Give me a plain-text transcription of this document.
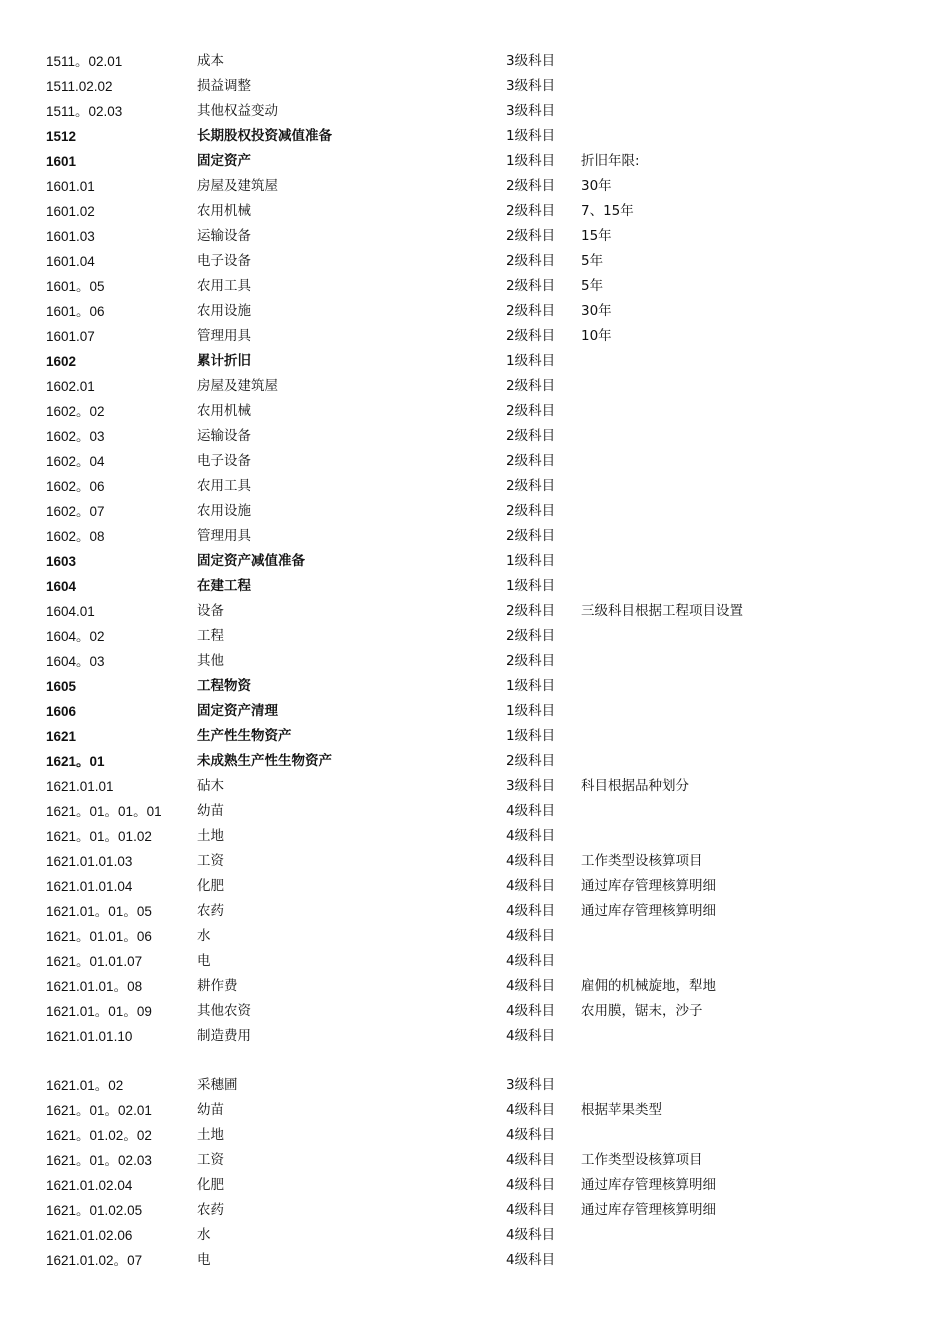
1511。02.01	成本	3级科目
1511.02.02	损益调整	3级科目
1511。02.03	其他权益变动	3级科目
1512	长期股权投资减值准备	1级科目
1601	固定资产	1级科目 折旧年限:
1601.01	房屋及建筑屋	2级科目 30年
1601.02	农用机械	2级科目 7、15年
1601.03	运输设备	2级科目 15年
1601.04	电子设备	2级科目 5年
1601。05	农用工具	2级科目 5年
1601。06	农用设施	2级科目 30年
1601.07	管理用具	2级科目 10年
1602	累计折旧	1级科目
1602.01	房屋及建筑屋	2级科目
1602。02	农用机械	2级科目
1602。03	运输设备	2级科目
1602。04	电子设备	2级科目
1602。06	农用工具	2级科目
1602。07	农用设施	2级科目
1602。08	管理用具	2级科目
1603	固定资产减值准备	1级科目
1604	在建工程	1级科目
1604.01	设备	2级科目 三级科目根据工程项目设置
1604。02	工程	2级科目
1604。03	其他	2级科目
1605	工程物资	1级科目
1606	固定资产清理	1级科目
1621	生产性生物资产	1级科目
1621。01	未成熟生产性生物资产	2级科目
1621.01.01	砧木	3级科目 科目根据品种划分
1621。01。01。01	幼苗	4级科目
1621。01。01.02	土地	4级科目
1621.01.01.03	工资	4级科目 工作类型设核算项目
1621.01.01.04	化肥	4级科目 通过库存管理核算明细
1621.01。01。05	农药	4级科目 通过库存管理核算明细
1621。01.01。06	水	4级科目
1621。01.01.07	电	4级科目
1621.01.01。08	耕作费	4级科目 雇佣的机械旋地，犁地
1621.01。01。09	其他农资	4级科目 农用膜，锯末，沙子
1621.01.01.10	制造费用	4级科目
1621.01。02	采穗圃	3级科目
1621。01。02.01	幼苗	4级科目 根据苹果类型
1621。01.02。02	土地	4级科目
1621。01。02.03	工资	4级科目 工作类型设核算项目
1621.01.02.04	化肥	4级科目 通过库存管理核算明细
1621。01.02.05	农药	4级科目 通过库存管理核算明细
1621.01.02.06	水	4级科目
1621.01.02。07	电	4级科目
